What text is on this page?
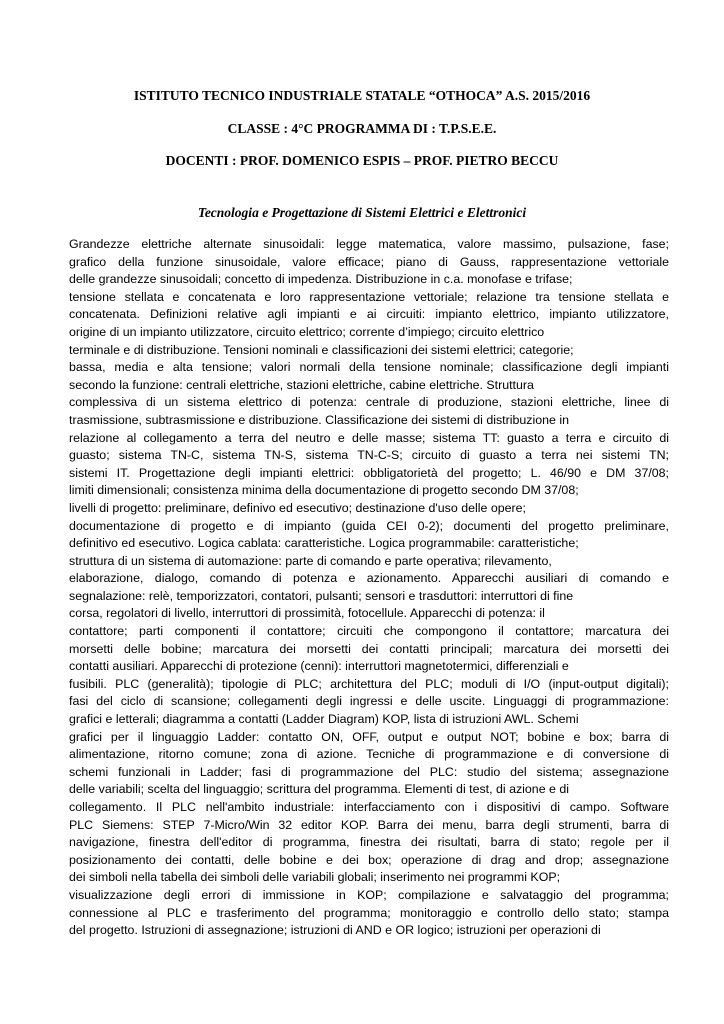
ISTITUTO TECNICO INDUSTRIALE STATALE “OTHOCA” A.S. 2015/2016
CLASSE : 4°C PROGRAMMA DI : T.P.S.E.E.
DOCENTI : PROF. DOMENICO ESPIS – PROF. PIETRO BECCU
Tecnologia e Progettazione di Sistemi Elettrici e Elettronici
Grandezze elettriche alternate sinusoidali: legge matematica, valore massimo, pulsazione, fase;
grafico della funzione sinusoidale, valore efficace; piano di Gauss, rappresentazione vettoriale
delle grandezze sinusoidali; concetto di impedenza. Distribuzione in c.a. monofase e trifase;
tensione stellata e concatenata e loro rappresentazione vettoriale; relazione tra tensione stellata e
concatenata. Definizioni relative agli impianti e ai circuiti: impianto elettrico, impianto utilizzatore,
origine di un impianto utilizzatore, circuito elettrico; corrente d’impiego; circuito elettrico
terminale e di distribuzione. Tensioni nominali e classificazioni dei sistemi elettrici; categorie;
bassa, media e alta tensione; valori normali della tensione nominale; classificazione degli impianti
secondo la funzione: centrali elettriche, stazioni elettriche, cabine elettriche. Struttura
complessiva di un sistema elettrico di potenza: centrale di produzione, stazioni elettriche, linee di
trasmissione, subtrasmissione e distribuzione. Classificazione dei sistemi di distribuzione in
relazione al collegamento a terra del neutro e delle masse; sistema TT: guasto a terra e circuito di
guasto; sistema TN-C, sistema TN-S, sistema TN-C-S; circuito di guasto a terra nei sistemi TN;
sistemi IT. Progettazione degli impianti elettrici: obbligatorietà del progetto; L. 46/90 e DM 37/08;
limiti dimensionali; consistenza minima della documentazione di progetto secondo DM 37/08;
livelli di progetto: preliminare, definivo ed esecutivo; destinazione d'uso delle opere;
documentazione di progetto e di impianto (guida CEI 0-2); documenti del progetto preliminare,
definitivo ed esecutivo. Logica cablata: caratteristiche. Logica programmabile: caratteristiche;
struttura di un sistema di automazione: parte di comando e parte operativa; rilevamento,
elaborazione, dialogo, comando di potenza e azionamento. Apparecchi ausiliari di comando e
segnalazione: relè, temporizzatori, contatori, pulsanti; sensori e trasduttori: interruttori di fine
corsa, regolatori di livello, interruttori di prossimità, fotocellule. Apparecchi di potenza: il
contattore; parti componenti il contattore; circuiti che compongono il contattore; marcatura dei
morsetti delle bobine; marcatura dei morsetti dei contatti principali; marcatura dei morsetti dei
contatti ausiliari. Apparecchi di protezione (cenni): interruttori magnetotermici, differenziali e
fusibili. PLC (generalità); tipologie di PLC; architettura del PLC; moduli di I/O (input-output digitali);
fasi del ciclo di scansione; collegamenti degli ingressi e delle uscite. Linguaggi di programmazione:
grafici e letterali; diagramma a contatti (Ladder Diagram) KOP, lista di istruzioni AWL. Schemi
grafici per il linguaggio Ladder: contatto ON, OFF, output e output NOT; bobine e box; barra di
alimentazione, ritorno comune; zona di azione. Tecniche di programmazione e di conversione di
schemi funzionali in Ladder; fasi di programmazione del PLC: studio del sistema; assegnazione
delle variabili; scelta del linguaggio; scrittura del programma. Elementi di test, di azione e di
collegamento. Il PLC nell'ambito industriale: interfacciamento con i dispositivi di campo. Software
PLC Siemens: STEP 7-Micro/Win 32 editor KOP. Barra dei menu, barra degli strumenti, barra di
navigazione, finestra dell'editor di programma, finestra dei risultati, barra di stato; regole per il
posizionamento dei contatti, delle bobine e dei box; operazione di drag and drop; assegnazione
dei simboli nella tabella dei simboli delle variabili globali; inserimento nei programmi KOP;
visualizzazione degli errori di immissione in KOP; compilazione e salvataggio del programma;
connessione al PLC e trasferimento del programma; monitoraggio e controllo dello stato; stampa
del progetto. Istruzioni di assegnazione; istruzioni di AND e OR logico; istruzioni per operazioni di
